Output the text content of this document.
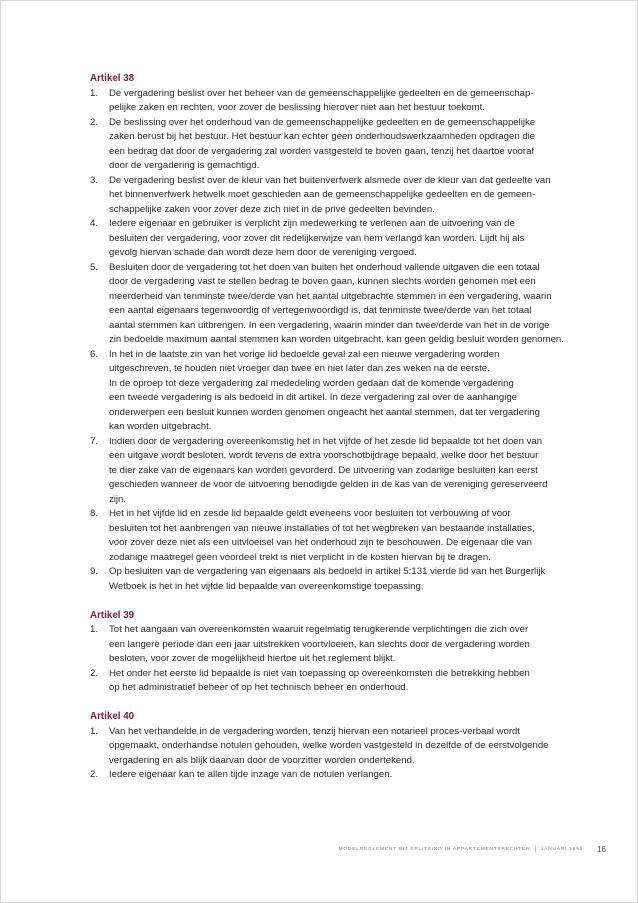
Artikel 38
1.	De vergadering beslist over het beheer van de gemeenschappelijke gedeelten en de gemeenschap-
pelijke zaken en rechten, voor zover de beslissing hierover niet aan het bestuur toekomt.
2.	De beslissing over het onderhoud van de gemeenschappelijke gedeelten en de gemeenschappelijke
zaken berust bij het bestuur. Het bestuur kan echter geen onderhoudswerkzaamheden opdragen die
een bedrag dat door de vergadering zal worden vastgesteld te boven gaan, tenzij het daartoe vooraf
door de vergadering is gemachtigd.
3.	De vergadering beslist over de kleur van het buitenverfwerk alsmede over de kleur van dat gedeelte van
het binnenverfwerk hetwelk moet geschieden aan de gemeenschappelijke gedeelten en de gemeen-
schappelijke zaken voor zover deze zich niet in de privé gedeelten bevinden.
4.	Iedere eigenaar en gebruiker is verplicht zijn medewerking te verlenen aan de uitvoering van de
besluiten der vergadering, voor zover dit redelijkerwijze van hem verlangd kan worden. Lijdt hij als
gevolg hiervan schade dan wordt deze hem door de vereniging vergoed.
5.	Besluiten door de vergadering tot het doen van buiten het onderhoud vallende uitgaven die een totaal
door de vergadering vast te stellen bedrag te boven gaan, kunnen slechts worden genomen met een
meerderheid van tenminste twee/derde van het aantal uitgebrachte stemmen in een vergadering, waarin
een aantal eigenaars tegenwoordig of vertegenwoordigd is, dat tenminste twee/derde van het totaal
aantal stemmen kan uitbrengen. In een vergadering, waarin minder dan twee/derde van het in de vorige
zin bedoelde maximum aantal stemmen kan worden uitgebracht, kan geen geldig besluit worden genomen.
6.	In het in de laatste zin van het vorige lid bedoelde geval zal een nieuwe vergadering worden
uitgeschreven, te houden niet vroeger dan twee en niet later dan zes weken na de eerste.
In de oproep tot deze vergadering zal mededeling worden gedaan dat de komende vergadering
een tweede vergadering is als bedoeld in dit artikel. In deze vergadering zal over de aanhangige
onderwerpen een besluit kunnen worden genomen ongeacht het aantal stemmen, dat ter vergadering
kan worden uitgebracht.
7.	Indien door de vergadering overeenkomstig het in het vijfde of het zesde lid bepaalde tot het doen van
een uitgave wordt besloten, wordt tevens de extra voorschotbijdrage bepaald, welke door het bestuur
te dier zake van de eigenaars kan worden gevorderd. De uitvoering van zodanige besluiten kan eerst
geschieden wanneer de voor de uitvoering benodigde gelden in de kas van de vereniging gereserveerd
zijn.
8.	Het in het vijfde lid en zesde lid bepaalde geldt eveneens voor besluiten tot verbouwing of voor
besluiten tot het aanbrengen van nieuwe installaties of tot het wegbreken van bestaande installaties,
voor zover deze niet als een uitvloeisel van het onderhoud zijn te beschouwen. De eigenaar die van
zodanige maatregel geen voordeel trekt is niet verplicht in de kosten hiervan bij te dragen.
9.	Op besluiten van de vergadering van eigenaars als bedoeld in artikel 5:131 vierde lid van het Burgerlijk
Wetboek is het in het vijfde lid bepaalde van overeenkomstige toepassing.
Artikel 39
1.	Tot het aangaan van overeenkomsten waaruit regelmatig terugkerende verplichtingen die zich over
een langere periode dan een jaar uitstrekken voortvloeien, kan slechts door de vergadering worden
besloten, voor zover de mogelijkheid hiertoe uit het reglement blijkt.
2.	Het onder het eerste lid bepaalde is niet van toepassing op overeenkomsten die betrekking hebben
op het administratief beheer of op het technisch beheer en onderhoud.
Artikel 40
1.	Van het verhandelde in de vergadering worden, tenzij hiervan een notarieel proces-verbaal wordt
opgemaakt, onderhandse notulen gehouden, welke worden vastgesteld in dezelfde of de eerstvolgende
vergadering en als blijk daarvan door de voorzitter worden ondertekend.
2.	Iedere eigenaar kan te allen tijde inzage van de notulen verlangen.
MODELREGLEMENT BIJ SPLITSING IN APPARTEMENTSRECHTEN | JANUARI 1992 16
